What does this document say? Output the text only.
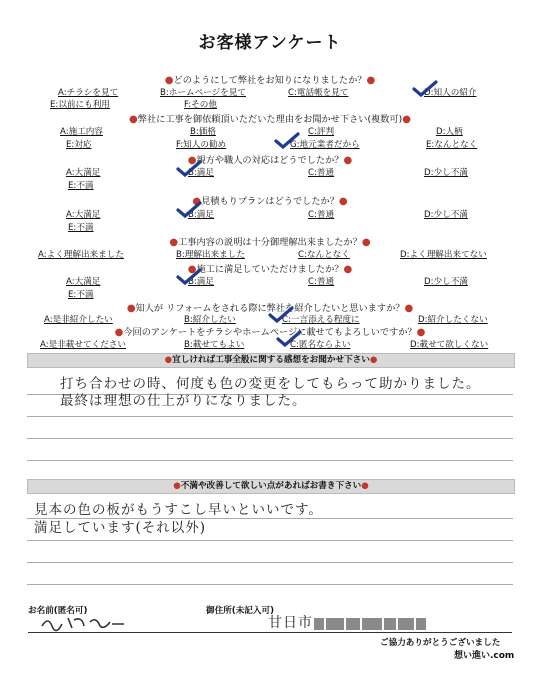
お客様アンケート
●どのようにして弊社をお知りになりましたか？●
A:チラシを見て	B:ホームページを見て	C:電話帳を見て	D:知人の紹介
E:以前にも利用	F:その他
●弊社に工事を御依頼頂いただいた理由をお聞かせ下さい(複数可)●
A:施工内容	B:価格	C:評判	D:人柄
E:対応	F:知人の勧め	G:地元業者だから	E:なんとなく
●親方や職人の対応はどうでしたか？●
A:大満足	B:満足	C:普通	D:少し不満
E:不満
●見積もりプランはどうでしたか？●
A:大満足	B:満足	C:普通	D:少し不満
E:不満
●工事内容の説明は十分御理解出来ましたか？●
A:よく理解出来ました	B:理解出来ました	C:なんとなく	D:よく理解出来てない
●施工に満足していただけましたか？●
A:大満足	B:満足	C:普通	D:少し不満
E:不満
●知人が リフォームをされる際に弊社を紹介したいと思いますか？●
A:是非紹介したい	B:紹介したい	C:一言添える程度に	D:紹介したくない
●今回のアンケートをチラシやホームページに載せてもよろしいですか？●
A:是非載せてください	B:載せてもよい	C:匿名ならよい	D:載せて欲しくない
●宜しければ工事全般に関する感想をお聞かせ下さい●
打ち合わせの時、何度も色の変更をしてもらって助かりました。
最終は理想の仕上がりになりました。
●不満や改善して欲しい点があればお書き下さい●
見本の色の板がもうすこし早いといいです。
満足しています(それ以外)
お名前(匿名可)	御住所(未記入可)
甘日市
ご協力ありがとうございました
想い進い.com
